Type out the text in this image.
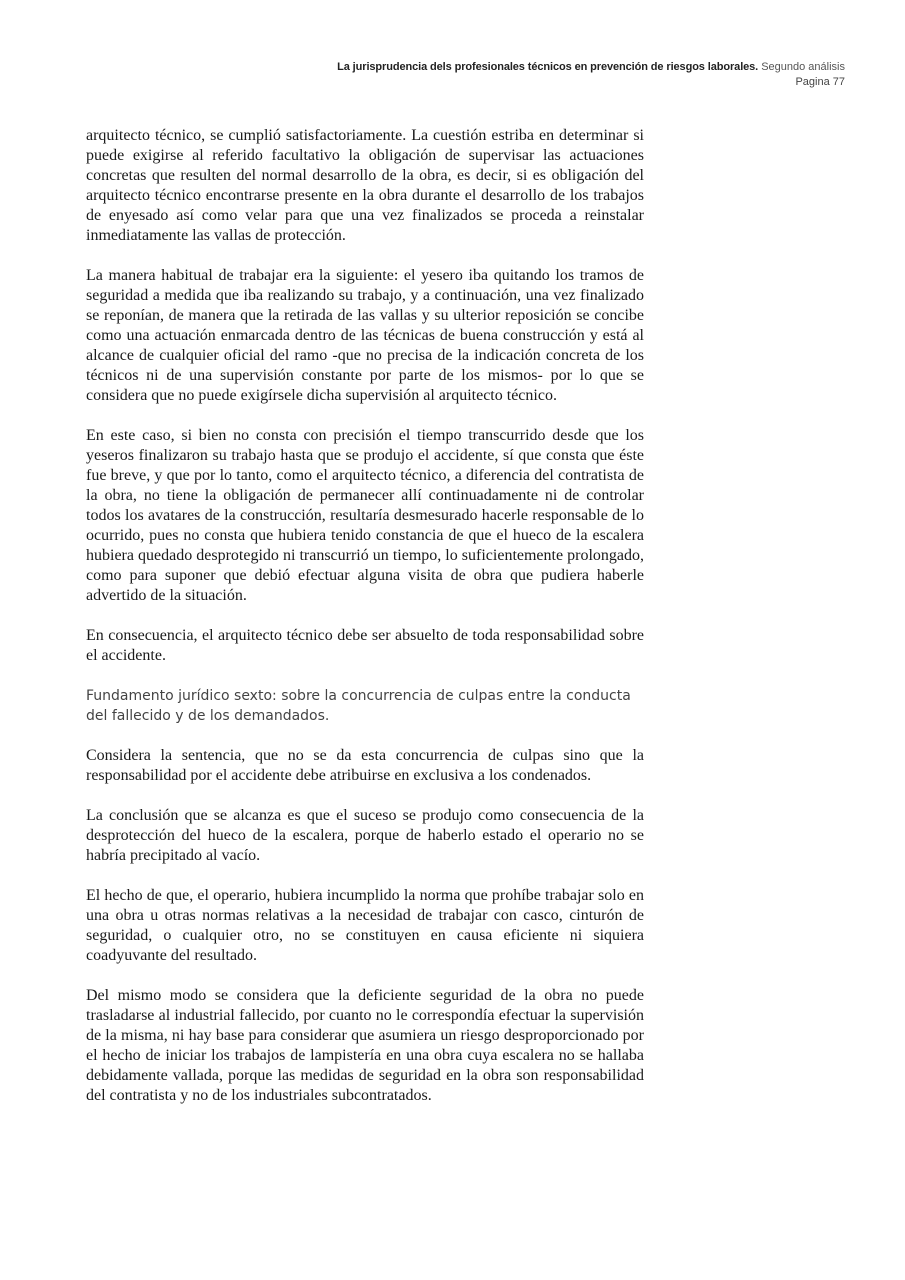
La jurisprudencia dels profesionales técnicos en prevención de riesgos laborales. Segundo análisis
Pagina 77

arquitecto técnico, se cumplió satisfactoriamente. La cuestión estriba en determinar si puede exigirse al referido facultativo la obligación de supervisar las actuaciones concretas que resulten del normal desarrollo de la obra, es decir, si es obligación del arquitecto técnico encontrarse presente en la obra durante el desarrollo de los trabajos de enyesado así como velar para que una vez finalizados se proceda a reinstalar inmediatamente las vallas de protección.

La manera habitual de trabajar era la siguiente: el yesero iba quitando los tramos de seguridad a medida que iba realizando su trabajo, y a continuación, una vez finalizado se reponían, de manera que la retirada de las vallas y su ulterior reposición se concibe como una actuación enmarcada dentro de las técnicas de buena construcción y está al alcance de cualquier oficial del ramo -que no precisa de la indicación concreta de los técnicos ni de una supervisión constante por parte de los mismos- por lo que se considera que no puede exigírsele dicha supervisión al arquitecto técnico.

En este caso, si bien no consta con precisión el tiempo transcurrido desde que los yeseros finalizaron su trabajo hasta que se produjo el accidente, sí que consta que éste fue breve, y que por lo tanto, como el arquitecto técnico, a diferencia del contratista de la obra, no tiene la obligación de permanecer allí continuadamente ni de controlar todos los avatares de la construcción, resultaría desmesurado hacerle responsable de lo ocurrido, pues no consta que hubiera tenido constancia de que el hueco de la escalera hubiera quedado desprotegido ni transcurrió un tiempo, lo suficientemente prolongado, como para suponer que debió efectuar alguna visita de obra que pudiera haberle advertido de la situación.

En consecuencia, el arquitecto técnico debe ser absuelto de toda responsabilidad sobre el accidente.

Fundamento jurídico sexto: sobre la concurrencia de culpas entre la conducta del fallecido y de los demandados.

Considera la sentencia, que no se da esta concurrencia de culpas sino que la responsabilidad por el accidente debe atribuirse en exclusiva a los condenados.

La conclusión que se alcanza es que el suceso se produjo como consecuencia de la desprotección del hueco de la escalera, porque de haberlo estado el operario no se habría precipitado al vacío.

El hecho de que, el operario, hubiera incumplido la norma que prohíbe trabajar solo en una obra u otras normas relativas a la necesidad de trabajar con casco, cinturón de seguridad, o cualquier otro, no se constituyen en causa eficiente ni siquiera coadyuvante del resultado.

Del mismo modo se considera que la deficiente seguridad de la obra no puede trasladarse al industrial fallecido, por cuanto no le correspondía efectuar la supervisión de la misma, ni hay base para considerar que asumiera un riesgo desproporcionado por el hecho de iniciar los trabajos de lampistería en una obra cuya escalera no se hallaba debidamente vallada, porque las medidas de seguridad en la obra son responsabilidad del contratista y no de los industriales subcontratados.
